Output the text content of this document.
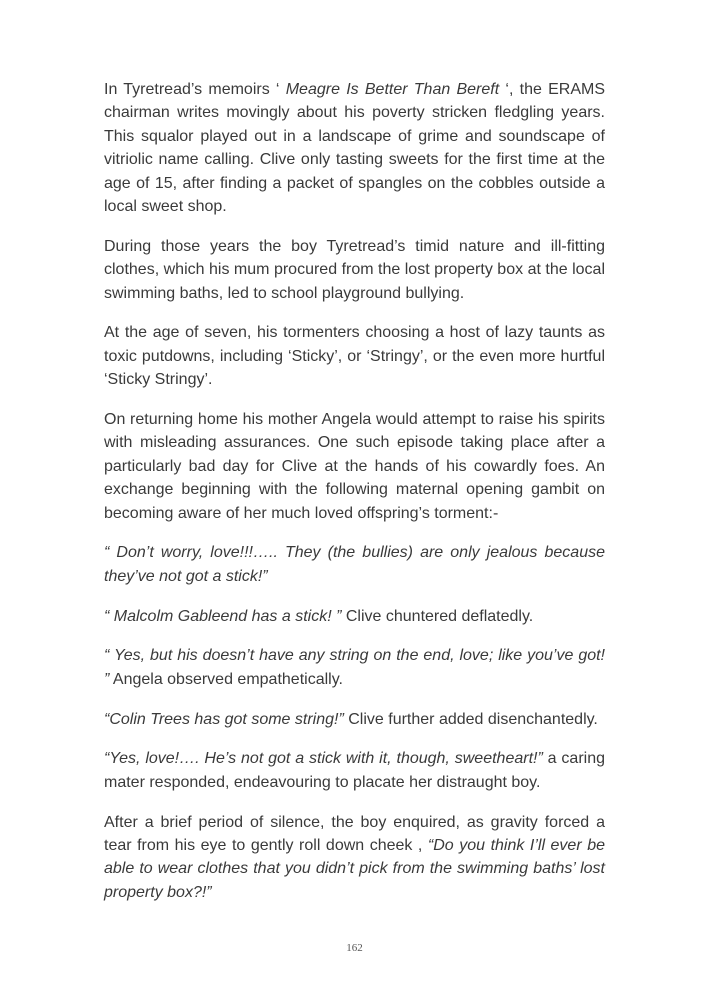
In Tyretread’s memoirs ‘ Meagre Is Better Than Bereft ‘, the ERAMS chairman writes movingly about his poverty stricken fledgling years. This squalor played out in a landscape of grime and soundscape of vitriolic name calling. Clive only tasting sweets for the first time at the age of 15, after finding a packet of spangles on the cobbles outside a local sweet shop.

During those years the boy Tyretread’s timid nature and ill-fitting clothes, which his mum procured from the lost property box at the local swimming baths, led to school playground bullying.

At the age of seven, his tormenters choosing a host of lazy taunts as toxic putdowns, including ‘Sticky’, or ‘Stringy’, or the even more hurtful ‘Sticky Stringy’.

On returning home his mother Angela would attempt to raise his spirits with misleading assurances. One such episode taking place after a particularly bad day for Clive at the hands of his cowardly foes. An exchange beginning with the following maternal opening gambit on becoming aware of her much loved offspring’s torment:-

“ Don’t worry, love!!!….. They (the bullies) are only jealous because they’ve not got a stick!”

“ Malcolm Gableend has a stick! ” Clive chuntered deflatedly.

“ Yes, but his doesn’t have any string on the end, love; like you’ve got! ” Angela observed empathetically.

“Colin Trees has got some string!” Clive further added disenchantedly.

“Yes, love!…. He’s not got a stick with it, though, sweetheart!” a caring mater responded, endeavouring to placate her distraught boy.

After a brief period of silence, the boy enquired, as gravity forced a tear from his eye to gently roll down cheek , “Do you think I’ll ever be able to wear clothes that you didn’t pick from the swimming baths’ lost property box?!”

162
